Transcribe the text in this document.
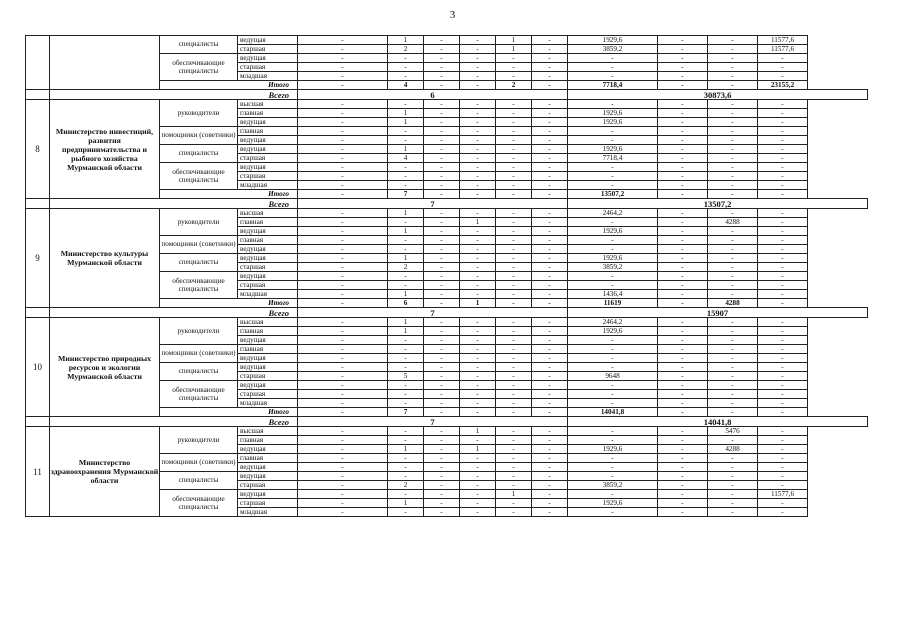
3
		специалисты	ведущая	-	1	-	-	1	-	1929,6	-	-	11577,6
			старшая	-	2	-	-	1	-	3859,2	-	-	11577,6
		обеспечивающие специалисты	ведущая	-	-	-	-	-	-	-	-	-	-
			старшая	-	-	-	-	-	-	-	-	-	-
			младшая	-	-	-	-	-	-	-	-	-	-
		Итого		-	4	-	-	2	-	7718,4	-	-	23155,2
	Всего			6						30873,6			
8	Министерство инвестиций, развития предпринимательства и рыбного хозяйства Мурманской области	руководители	высшая	-	-	-	-	-	-	-	-	-	-
			главная	-	1	-	-	-	-	1929,6	-	-	-
			ведущая	-	1	-	-	-	-	1929,6	-	-	-
		помощники (советники)	главная	-	-	-	-	-	-	-	-	-	-
			ведущая	-	-	-	-	-	-	-	-	-	-
		специалисты	ведущая	-	1	-	-	-	-	1929,6	-	-	-
			старшая	-	4	-	-	-	-	7718,4	-	-	-
		обеспечивающие специалисты	ведущая	-	-	-	-	-	-	-	-	-	-
			старшая	-	-	-	-	-	-	-	-	-	-
			младшая	-	-	-	-	-	-	-	-	-	-
		Итого		-	7	-	-	-	-	13507,2	-	-	-
	Всего			7						13507,2			
9	Министерство культуры Мурманской области	руководители	высшая	-	1	-	-	-	-	2464,2	-	-	-
			главная	-	-	-	1	-	-	-	-	4288	-
			ведущая	-	1	-	-	-	-	1929,6	-	-	-
		помощники (советники)	главная	-	-	-	-	-	-	-	-	-	-
			ведущая	-	-	-	-	-	-	-	-	-	-
		специалисты	ведущая	-	1	-	-	-	-	1929,6	-	-	-
			старшая	-	2	-	-	-	-	3859,2	-	-	-
		обеспечивающие специалисты	ведущая	-	-	-	-	-	-	-	-	-	-
			старшая	-	-	-	-	-	-	-	-	-	-
			младшая	-	1	-	-	-	-	1436,4	-	-	-
		Итого		-	6	-	1	-	-	11619	-	4288	-
	Всего			7						15907			
10	Министерство природных ресурсов и экологии Мурманской области	руководители	высшая	-	1	-	-	-	-	2464,2	-	-	-
			главная	-	1	-	-	-	-	1929,6	-	-	-
			ведущая	-	-	-	-	-	-	-	-	-	-
		помощники (советники)	главная	-	-	-	-	-	-	-	-	-	-
			ведущая	-	-	-	-	-	-	-	-	-	-
		специалисты	ведущая	-	-	-	-	-	-	-	-	-	-
			старшая	-	5	-	-	-	-	9648	-	-	-
		обеспечивающие специалисты	ведущая	-	-	-	-	-	-	-	-	-	-
			старшая	-	-	-	-	-	-	-	-	-	-
			младшая	-	-	-	-	-	-	-	-	-	-
		Итого		-	7	-	-	-	-	14041,8	-	-	-
	Всего			7						14041,8			
11	Министерство здравоохранения Мурманской области	руководители	высшая	-	-	-	1	-	-	-	-	5476	-
			главная	-	-	-	-	-	-	-	-	-	-
			ведущая	-	1	-	1	-	-	1929,6	-	4288	-
		помощники (советники)	главная	-	-	-	-	-	-	-	-	-	-
			ведущая	-	-	-	-	-	-	-	-	-	-
		специалисты	ведущая	-	-	-	-	-	-	-	-	-	-
			старшая	-	2	-	-	-	-	3859,2	-	-	-
		обеспечивающие специалисты	ведущая	-	-	-	-	1	-	-	-	-	11577,6
			старшая	-	1	-	-	-	-	1929,6	-	-	-
			младшая	-	-	-	-	-	-	-	-	-	-
